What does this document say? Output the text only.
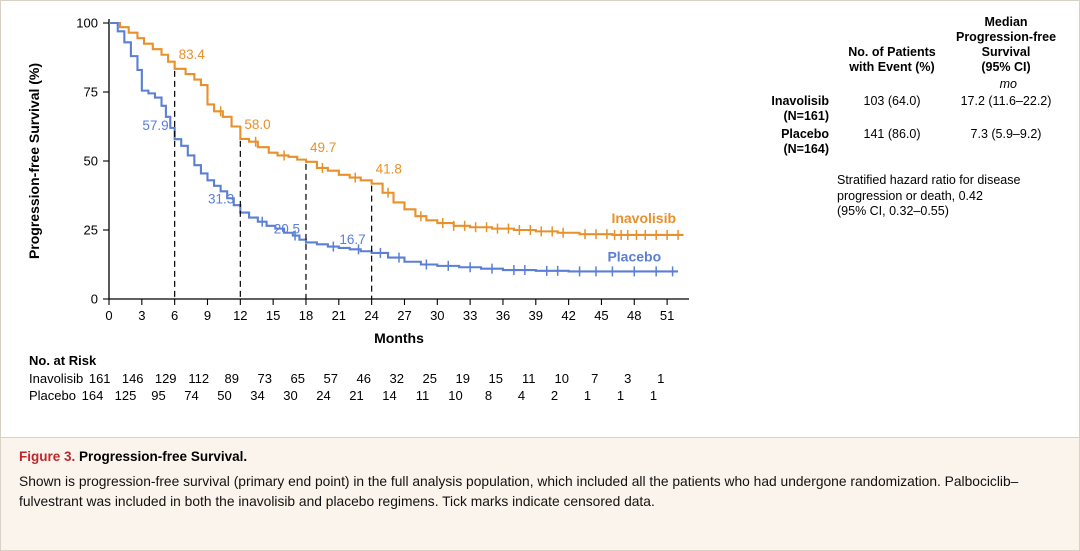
0
25
50
75
100
0 3 6 9 12 15 18 21 24 27 30 33 36 39 42 45 48 51
Progression-free Survival (%)
Months
83.4
58.0
49.7
41.8
57.9
31.3
20.5
16.7
Inavolisib
Placebo
No. at Risk
Inavolisib 161 146 129 112	89	73	65	57	46	32	25	19	15	11	10	7	3	1
Placebo 164 125	95	74	50	34	30	24	21	14	11	10	8	4	2	1	1	1
No. of Patients
with Event (%)
Median
Progression-free
Survival
(95% CI)
mo
Inavolisib
(N=161)
103 (64.0)	17.2 (11.6–22.2)
Placebo
(N=164)
141 (86.0)	7.3 (5.9–9.2)
Stratified hazard ratio for disease
progression or death, 0.42
(95% CI, 0.32–0.55)
Figure 3. Progression-free Survival.
Shown is progression-free survival (primary end point) in the full analysis population, which included all the patients who had undergone randomization. Palbociclib–fulvestrant was included in both the inavolisib and placebo regimens. Tick marks indicate censored data.
